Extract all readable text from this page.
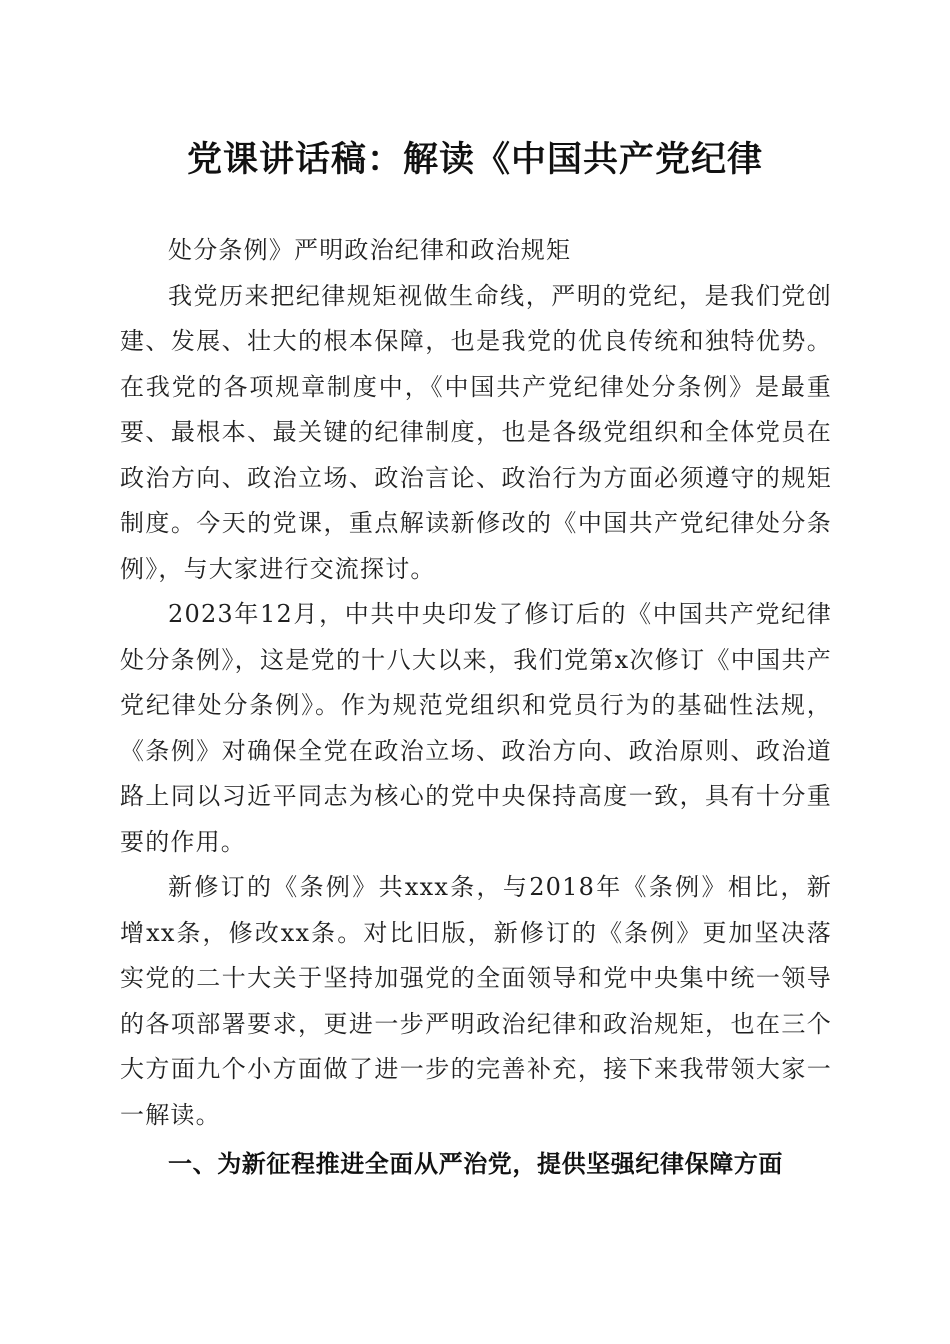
党课讲话稿：解读《中国共产党纪律

处分条例》严明政治纪律和政治规矩

我党历来把纪律规矩视做生命线，严明的党纪，是我们党创建、发展、壮大的根本保障，也是我党的优良传统和独特优势。在我党的各项规章制度中，《中国共产党纪律处分条例》是最重要、最根本、最关键的纪律制度，也是各级党组织和全体党员在政治方向、政治立场、政治言论、政治行为方面必须遵守的规矩制度。今天的党课，重点解读新修改的《中国共产党纪律处分条例》，与大家进行交流探讨。

2023年12月，中共中央印发了修订后的《中国共产党纪律处分条例》，这是党的十八大以来，我们党第x次修订《中国共产党纪律处分条例》。作为规范党组织和党员行为的基础性法规，《条例》对确保全党在政治立场、政治方向、政治原则、政治道路上同以习近平同志为核心的党中央保持高度一致，具有十分重要的作用。

新修订的《条例》共xxx条，与2018年《条例》相比，新增xx条，修改xx条。对比旧版，新修订的《条例》更加坚决落实党的二十大关于坚持加强党的全面领导和党中央集中统一领导的各项部署要求，更进一步严明政治纪律和政治规矩，也在三个大方面九个小方面做了进一步的完善补充，接下来我带领大家一一解读。

一、为新征程推进全面从严治党，提供坚强纪律保障方面
